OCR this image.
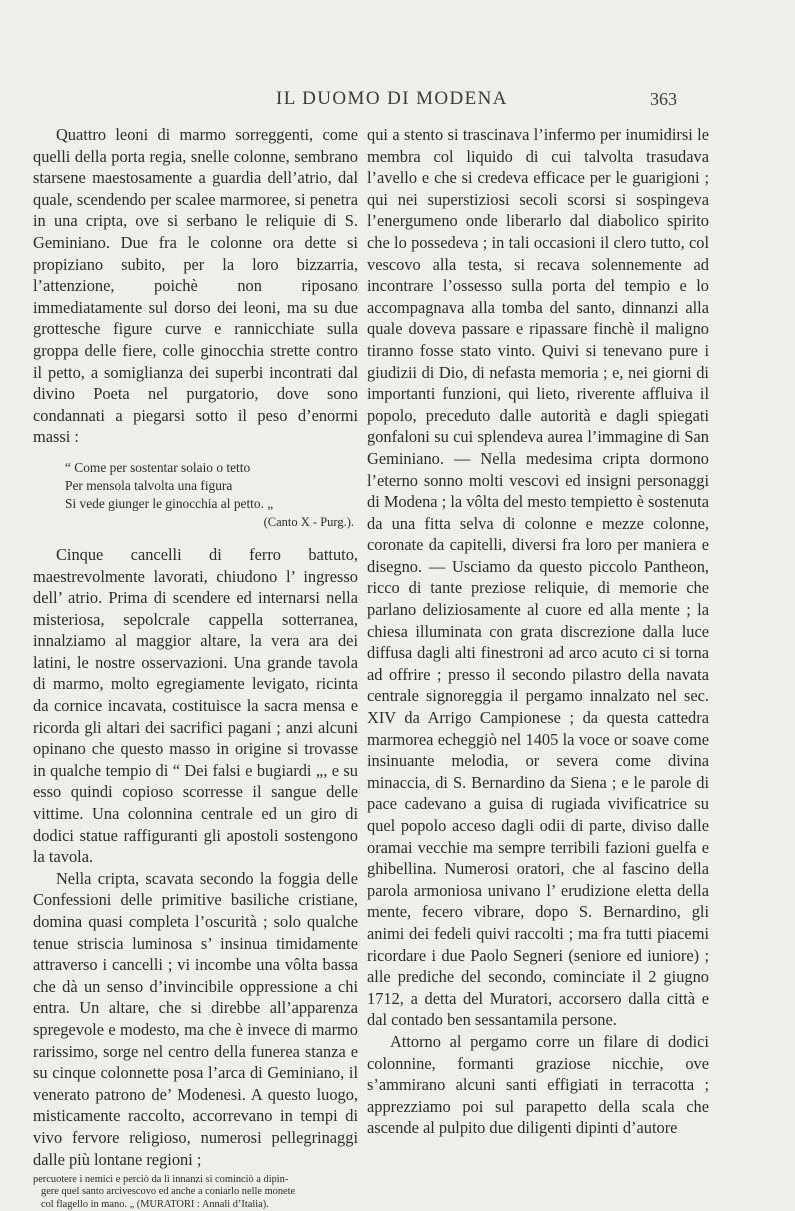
IL DUOMO DI MODENA	363

Quattro leoni di marmo sorreggenti, come quelli della porta regia, snelle colonne, sembrano starsene maestosamente a guardia dell’atrio, dal quale, scendendo per scalee marmoree, si penetra in una cripta, ove si serbano le reliquie di S. Geminiano. Due fra le colonne ora dette si propiziano subito, per la loro bizzarria, l’attenzione, poichè non riposano immediatamente sul dorso dei leoni, ma su due grottesche figure curve e rannicchiate sulla groppa delle fiere, colle ginocchia strette contro il petto, a somiglianza dei superbi incontrati dal divino Poeta nel purgatorio, dove sono condannati a piegarsi sotto il peso d’enormi massi :

“ Come per sostentar solaio o tetto
Per mensola talvolta una figura
Si vede giunger le ginocchia al petto. „
(Canto X - Purg.).

Cinque cancelli di ferro battuto, maestrevolmente lavorati, chiudono l’ ingresso dell’ atrio. Prima di scendere ed internarsi nella misteriosa, sepolcrale cappella sotterranea, innalziamo al maggior altare, la vera ara dei latini, le nostre osservazioni. Una grande tavola di marmo, molto egregiamente levigato, ricinta da cornice incavata, costituisce la sacra mensa e ricorda gli altari dei sacrifici pagani ; anzi alcuni opinano che questo masso in origine si trovasse in qualche tempio di “ Dei falsi e bugiardi „, e su esso quindi copioso scorresse il sangue delle vittime. Una colonnina centrale ed un giro di dodici statue raffiguranti gli apostoli sostengono la tavola.

Nella cripta, scavata secondo la foggia delle Confessioni delle primitive basiliche cristiane, domina quasi completa l’oscurità ; solo qualche tenue striscia luminosa s’ insinua timidamente attraverso i cancelli ; vi incombe una vôlta bassa che dà un senso d’invincibile oppressione a chi entra. Un altare, che si direbbe all’apparenza spregevole e modesto, ma che è invece di marmo rarissimo, sorge nel centro della funerea stanza e su cinque colonnette posa l’arca di Geminiano, il venerato patrono de’ Modenesi. A questo luogo, misticamente raccolto, accorrevano in tempi di vivo fervore religioso, numerosi pellegrinaggi dalle più lontane regioni ;

percuotere i nemici e perciò da lì innanzi si cominciò a dipin-
gere quel santo arcivescovo ed anche a coniarlo nelle monete
col flagello in mano. „ (MURATORI : Annali d’Italia).

qui a stento si trascinava l’infermo per inumidirsi le membra col liquido di cui talvolta trasudava l’avello e che si credeva efficace per le guarigioni ; qui nei superstiziosi secoli scorsi si sospingeva l’energumeno onde liberarlo dal diabolico spirito che lo possedeva ; in tali occasioni il clero tutto, col vescovo alla testa, si recava solennemente ad incontrare l’ossesso sulla porta del tempio e lo accompagnava alla tomba del santo, dinnanzi alla quale doveva passare e ripassare finchè il maligno tiranno fosse stato vinto. Quivi si tenevano pure i giudizii di Dio, di nefasta memoria ; e, nei giorni di importanti funzioni, qui lieto, riverente affluiva il popolo, preceduto dalle autorità e dagli spiegati gonfaloni su cui splendeva aurea l’immagine di San Geminiano. — Nella medesima cripta dormono l’eterno sonno molti vescovi ed insigni personaggi di Modena ; la vôlta del mesto tempietto è sostenuta da una fitta selva di colonne e mezze colonne, coronate da capitelli, diversi fra loro per maniera e disegno. — Usciamo da questo piccolo Pantheon, ricco di tante preziose reliquie, di memorie che parlano deliziosamente al cuore ed alla mente ; la chiesa illuminata con grata discrezione dalla luce diffusa dagli alti finestroni ad arco acuto ci si torna ad offrire ; presso il secondo pilastro della navata centrale signoreggia il pergamo innalzato nel sec. XIV da Arrigo Campionese ; da questa cattedra marmorea echeggiò nel 1405 la voce or soave come insinuante melodia, or severa come divina minaccia, di S. Bernardino da Siena ; e le parole di pace cadevano a guisa di rugiada vivificatrice su quel popolo acceso dagli odii di parte, diviso dalle oramai vecchie ma sempre terribili fazioni guelfa e ghibellina. Numerosi oratori, che al fascino della parola armoniosa univano l’ erudizione eletta della mente, fecero vibrare, dopo S. Bernardino, gli animi dei fedeli quivi raccolti ; ma fra tutti piacemi ricordare i due Paolo Segneri (seniore ed iuniore) ; alle prediche del secondo, cominciate il 2 giugno 1712, a detta del Muratori, accorsero dalla città e dal contado ben sessantamila persone.

Attorno al pergamo corre un filare di dodici colonnine, formanti graziose nicchie, ove s’ammirano alcuni santi effigiati in terracotta ; apprezziamo poi sul parapetto della scala che ascende al pulpito due diligenti dipinti d’autore
